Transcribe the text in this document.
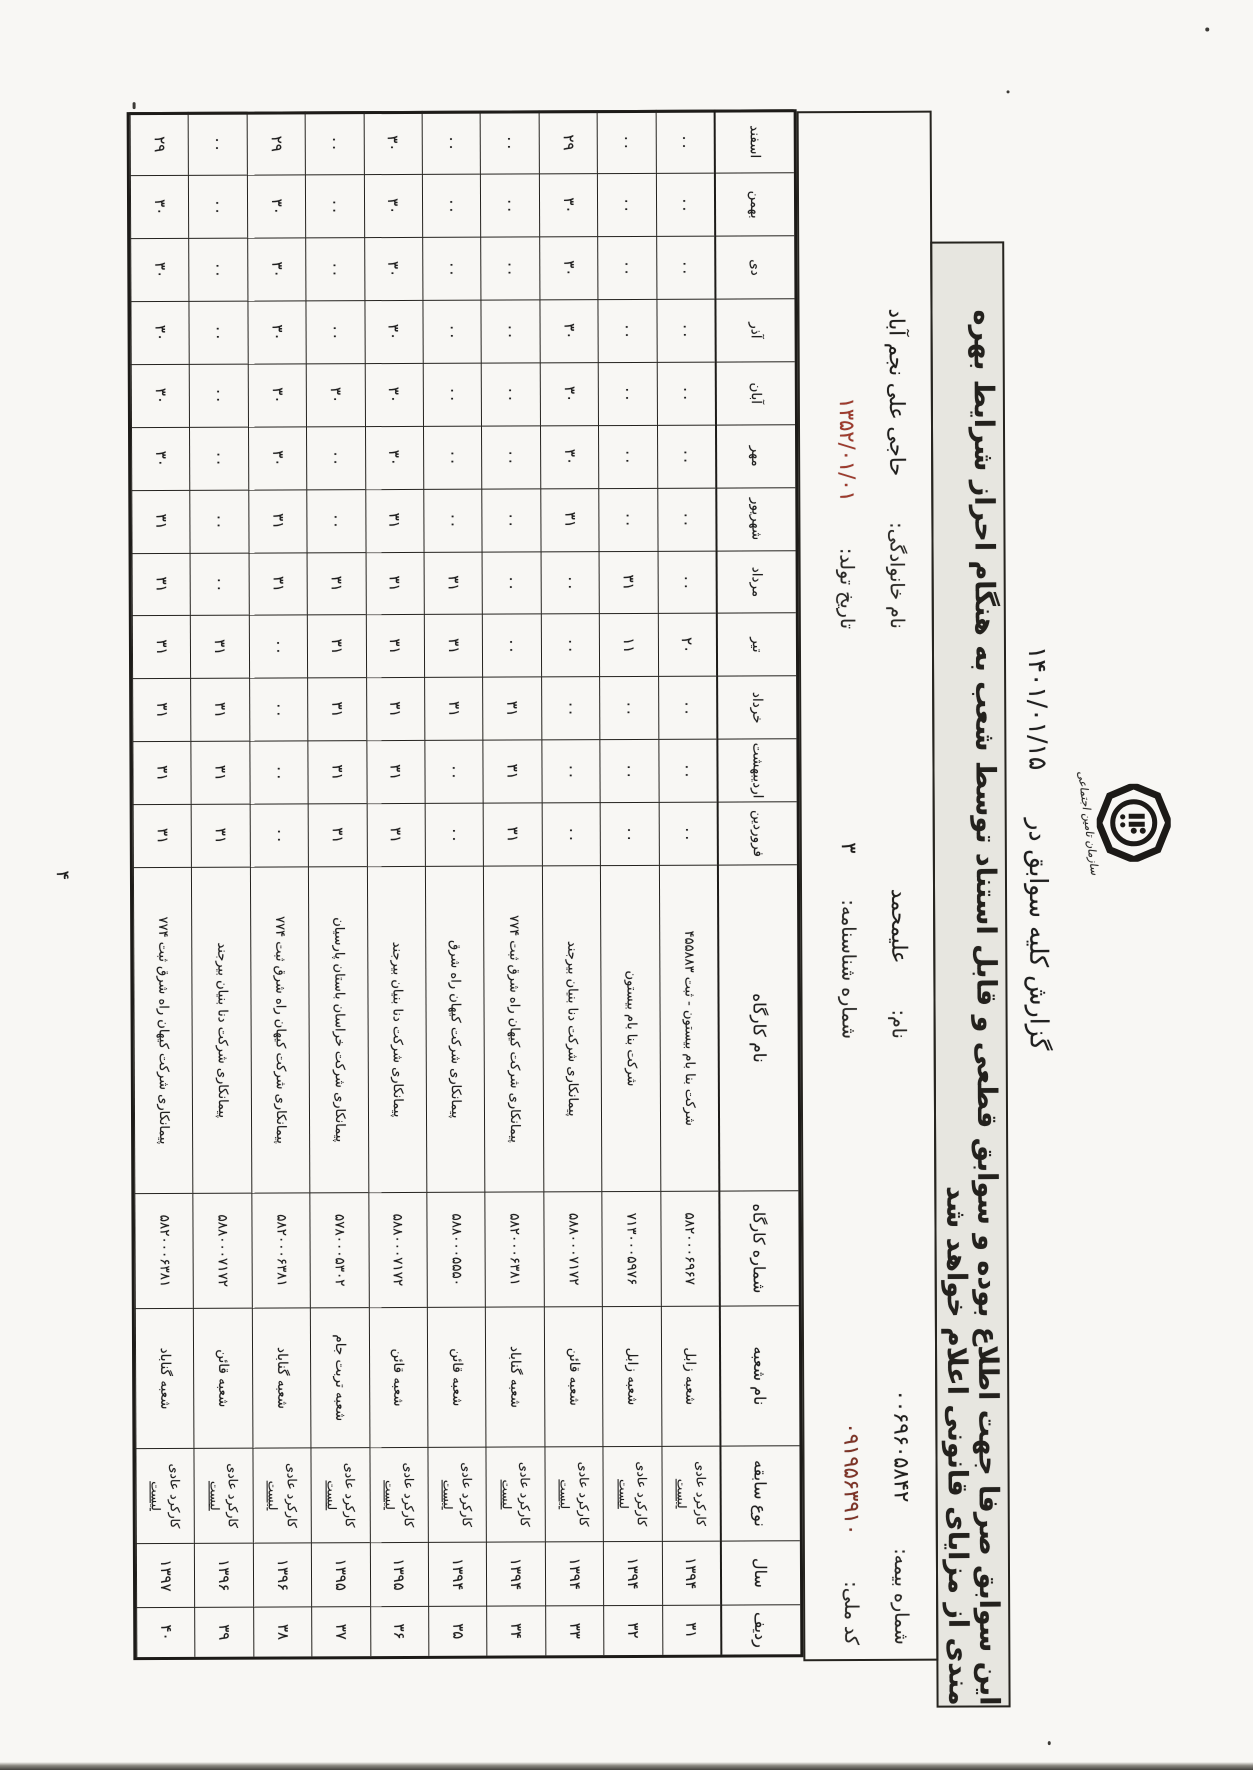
سازمان تامین اجتماعی
گزارش کلیه سوابق در
۱۴۰۱/۰۱/۱۵
این سوابق صرفا جهت اطلاع بوده و سوابق قطعی و قابل استناد توسط شعب به هنگام احراز شرایط بهره مندی از مزایای قانونی اعلام خواهد شد
شماره بیمه:
۰۰۶۹۶۰۵۸۴۲
کد ملی:
۰۹۱۹۵۶۳۹۱۰
نام:
علیمحمد
شماره شناسنامه:
۳
نام خانوادگی:
حاجی علی نجم آباد
تاریخ تولد:
۱۳۵۲/۰۱/۰۱
ردیف
سال
نوع سابقه
نام شعبه
شماره کارگاه
نام کارگاه
فروردین
اردیبهشت
خرداد
تیر
مرداد
شهریور
مهر
آبان
آذر
دی
بهمن
اسفند
۳۱
۱۳۹۴
کارکرد عادی
لیست
شعبه زابل
۵۸۲۰۰۰۶۹۶۷
شرکت بنا بام بیستون - ثبت ۴۵۵۸۸۳
۰۰
۰۰
۰۰
۲۰
۰۰
۰۰
۰۰
۰۰
۰۰
۰۰
۰۰
۰۰
۳۲
۱۳۹۴
کارکرد عادی
لیست
شعبه زابل
۷۱۳۰۰۰۵۹۷۶
شرکت بنا بام بیستون
۰۰
۰۰
۰۰
۱۱
۳۱
۰۰
۰۰
۰۰
۰۰
۰۰
۰۰
۰۰
۳۳
۱۳۹۴
کارکرد عادی
لیست
شعبه قائن
۵۸۸۰۰۰۷۱۷۲
پیمانکاری شرکت دنا بنیان بیرجند
۰۰
۰۰
۰۰
۰۰
۰۰
۳۱
۳۰
۳۰
۳۰
۳۰
۳۰
۲۹
۳۴
۱۳۹۴
کارکرد عادی
لیست
شعبه گناباد
۵۸۲۰۰۰۶۳۸۱
پیمانکاری شرکت کیهان راه شرق ثبت ۷۷۴
۳۱
۳۱
۳۱
۰۰
۰۰
۰۰
۰۰
۰۰
۰۰
۰۰
۰۰
۰۰
۳۵
۱۳۹۴
کارکرد عادی
لیست
شعبه قائن
۵۸۸۰۰۰۵۵۵۰
پیمانکاری شرکت کیهان راه شرق
۰۰
۰۰
۳۱
۳۱
۳۱
۰۰
۰۰
۰۰
۰۰
۰۰
۰۰
۰۰
۳۶
۱۳۹۵
کارکرد عادی
لیست
شعبه قائن
۵۸۸۰۰۰۷۱۷۲
پیمانکاری شرکت دنا بنیان بیرجند
۳۱
۳۱
۳۱
۳۱
۳۱
۳۱
۳۰
۳۰
۳۰
۳۰
۳۰
۳۰
۳۷
۱۳۹۵
کارکرد عادی
لیست
شعبه تربت جام
۵۷۸۰۰۰۵۳۰۲
پیمانکاری شرکت خراسان باستان پارسیان
۳۱
۳۱
۳۱
۳۱
۳۱
۰۰
۰۰
۳۰
۰۰
۰۰
۰۰
۰۰
۳۸
۱۳۹۶
کارکرد عادی
لیست
شعبه گناباد
۵۸۲۰۰۰۶۳۸۱
پیمانکاری شرکت کیهان راه شرق ثبت ۷۷۴
۰۰
۰۰
۰۰
۰۰
۳۱
۳۱
۳۰
۳۰
۳۰
۳۰
۳۰
۲۹
۳۹
۱۳۹۶
کارکرد عادی
لیست
شعبه قائن
۵۸۸۰۰۰۷۱۷۲
پیمانکاری شرکت دنا بنیان بیرجند
۳۱
۳۱
۳۱
۳۱
۰۰
۰۰
۰۰
۰۰
۰۰
۰۰
۰۰
۰۰
۴۰
۱۳۹۷
کارکرد عادی
لیست
شعبه گناباد
۵۸۲۰۰۰۶۳۸۱
پیمانکاری شرکت کیهان راه شرق ثبت ۷۷۴
۳۱
۳۱
۳۱
۳۱
۳۱
۳۱
۳۰
۳۰
۳۰
۳۰
۳۰
۲۹
۴
